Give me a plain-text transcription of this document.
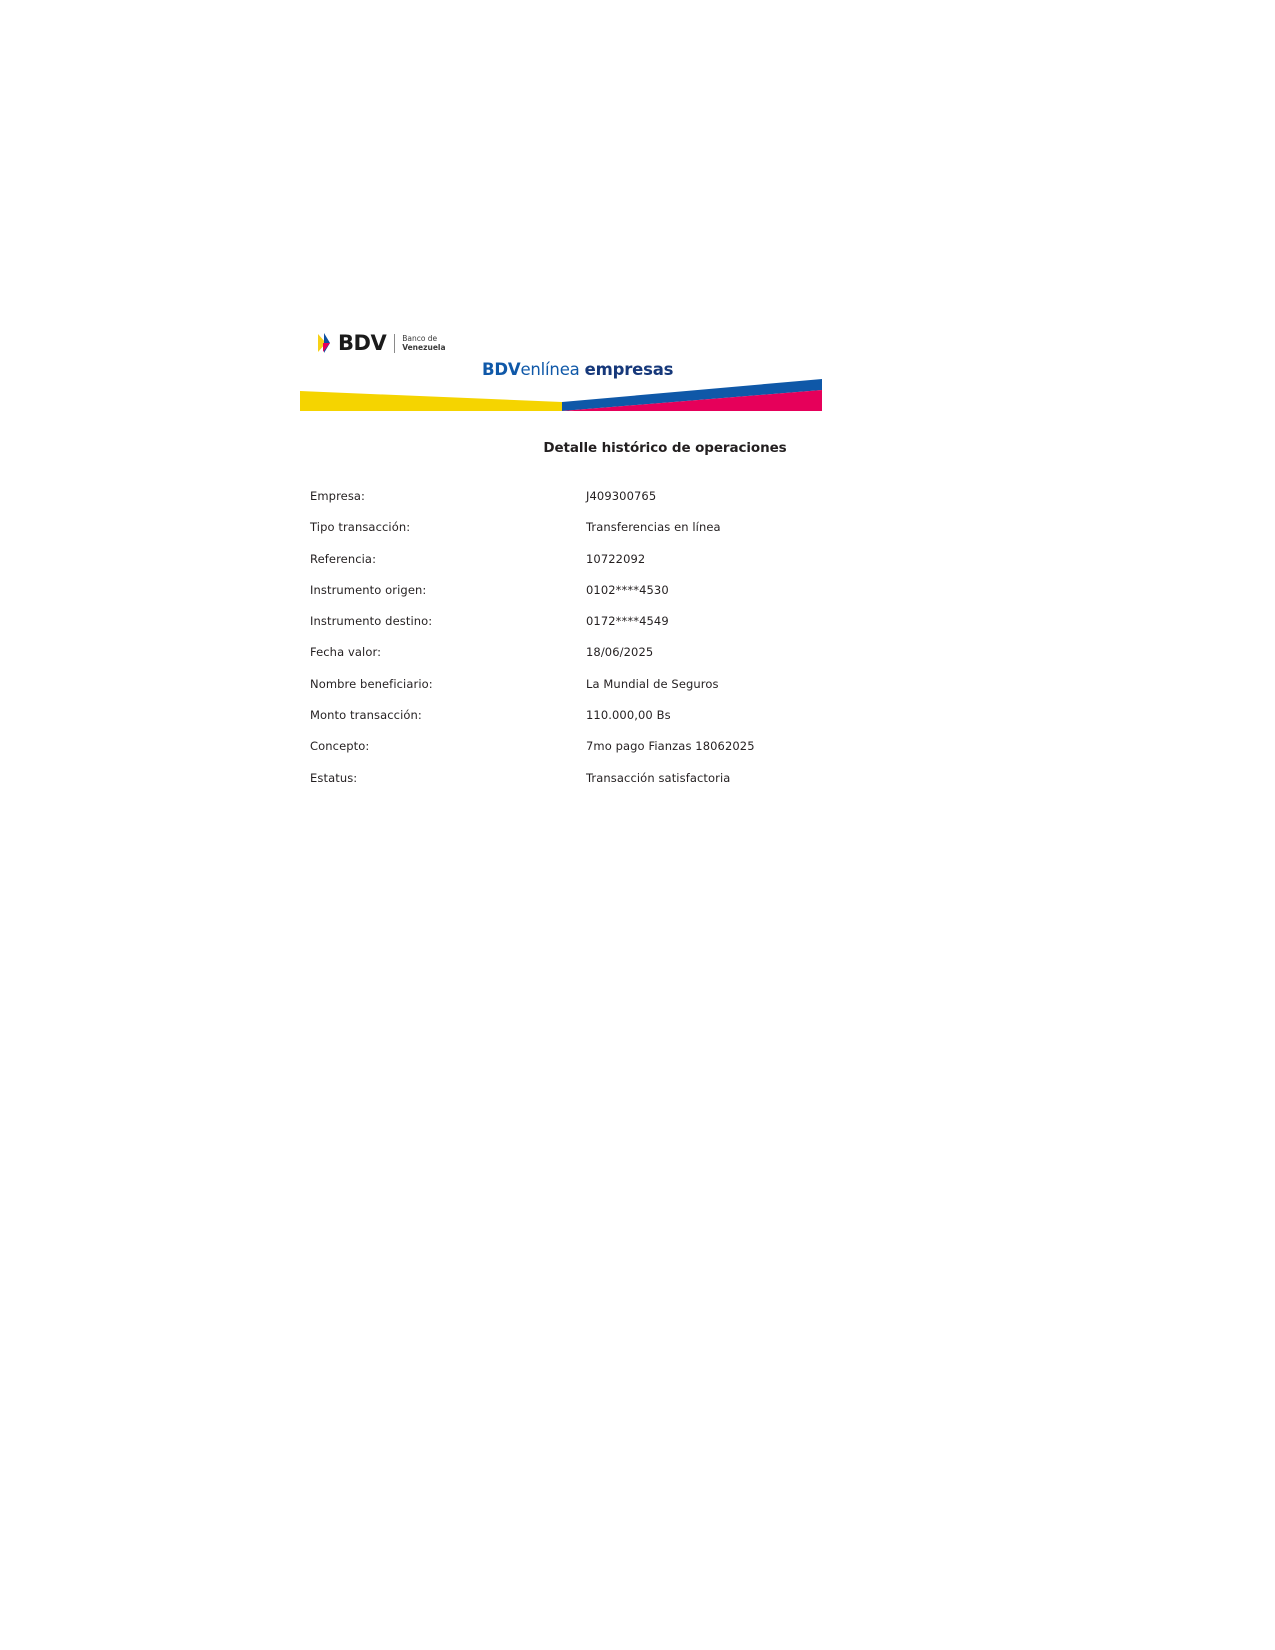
BDV Banco de
Venezuela
BDVenlínea empresas
Detalle histórico de operaciones
Empresa:	J409300765
Tipo transacción:	Transferencias en línea
Referencia:	10722092
Instrumento origen:	0102****4530
Instrumento destino:	0172****4549
Fecha valor:	18/06/2025
Nombre beneficiario:	La Mundial de Seguros
Monto transacción:	110.000,00 Bs
Concepto:	7mo pago Fianzas 18062025
Estatus:	Transacción satisfactoria
